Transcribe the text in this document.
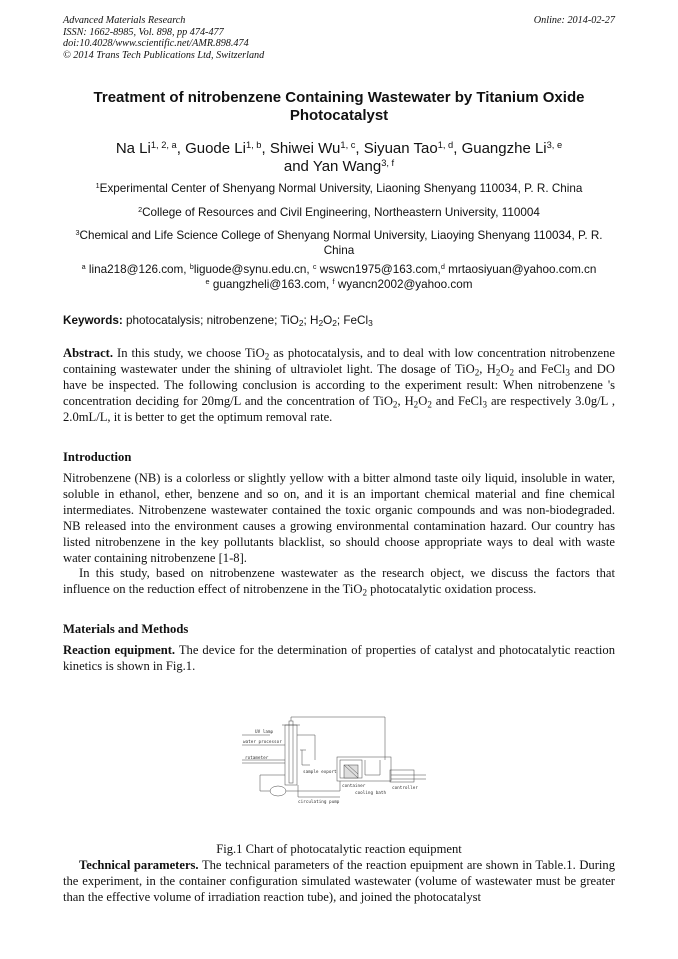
Advanced Materials Research
ISSN: 1662-8985, Vol. 898, pp 474-477
doi:10.4028/www.scientific.net/AMR.898.474
© 2014 Trans Tech Publications Ltd, Switzerland
Online: 2014-02-27
Treatment of nitrobenzene Containing Wastewater by Titanium Oxide Photocatalyst
Na Li$^{1, 2, a}$, Guode Li$^{1, b}$, Shiwei Wu$^{1, c}$, Siyuan Tao$^{1, d}$, Guangzhe Li$^{3, e}$
and Yan Wang$^{3, f}$
$^1$Experimental Center of Shenyang Normal University, Liaoning Shenyang 110034, P. R. China
$^2$College of Resources and Civil Engineering, Northeastern University, 110004
$^3$Chemical and Life Science College of Shenyang Normal University, Liaoying Shenyang 110034, P. R. China
$^a$ lina218@126.com, $^b$liguode@synu.edu.cn, $^c$ wswcn1975@163.com,$^d$ mrtaosiyuan@yahoo.com.cn
$^e$ guangzheli@163.com, $^f$ wyancn2002@yahoo.com
Keywords: photocatalysis; nitrobenzene; TiO$_2$; $H_2O_2$; FeCl$_3$
Abstract. In this study, we choose TiO$_2$ as photocatalysis, and to deal with low concentration nitrobenzene containing wastewater under the shining of ultraviolet light. The dosage of TiO$_2$, $H_2O_2$ and FeCl$_3$ and DO have be inspected. The following conclusion is according to the experiment result: When nitrobenzene 's concentration deciding for 20mg/L and the concentration of TiO$_2$, $H_2O_2$ and FeCl$_3$ are respectively 3.0g/L , 2.0mL/L, it is better to get the optimum removal rate.
Introduction
Nitrobenzene (NB) is a colorless or slightly yellow with a bitter almond taste oily liquid, insoluble in water, soluble in ethanol, ether, benzene and so on, and it is an important chemical material and fine chemical intermediates. Nitrobenzene wastewater contained the toxic organic compounds and was non-biodegraded. NB released into the environment causes a growing environmental contamination hazard. Our country has listed nitrobenzene in the key pollutants blacklist, so should choose appropriate ways to deal with waste water containing nitrobenzene [1-8].
In this study, based on nitrobenzene wastewater as the research object, we discuss the factors that influence on the reduction effect of nitrobenzene in the TiO$_2$ photocatalytic oxidation process.
Materials and Methods
Reaction equipment. The device for the determination of properties of catalyst and photocatalytic reaction kinetics is shown in Fig.1.
UV lamp
water processor
rotameter
sample export
container	controller
cooling bath
circulating pump
Fig.1 Chart of photocatalytic reaction equipment
Technical parameters. The technical parameters of the reaction epuipment are shown in Table.1. During the experiment, in the container configuration simulated wastewater (volume of wastewater must be greater than the effective volume of irradiation reaction tube), and joined the photocatalyst
